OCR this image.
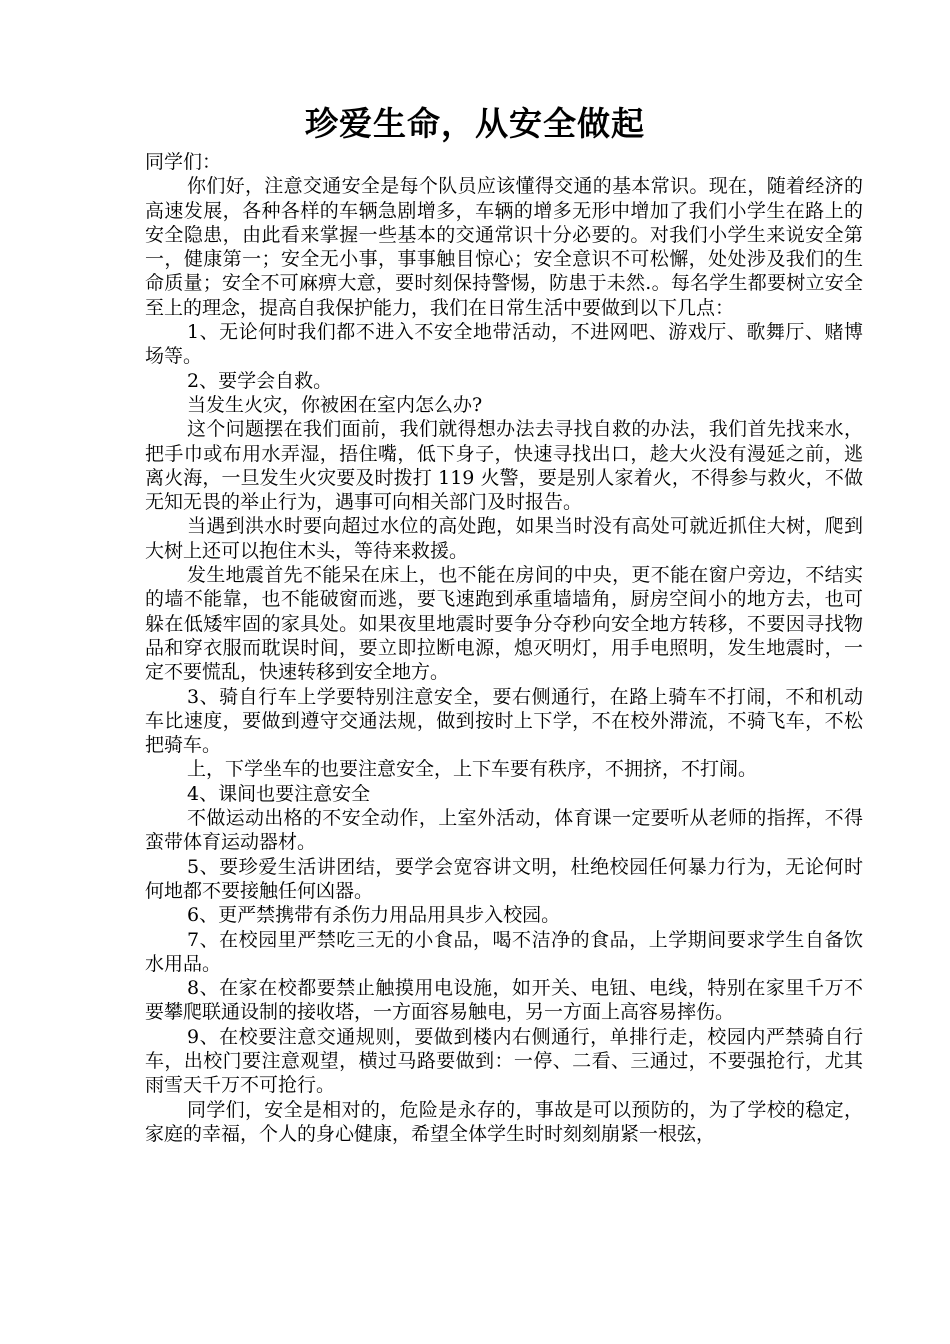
珍爱生命，从安全做起

同学们：

你们好，注意交通安全是每个队员应该懂得交通的基本常识。现在，随着经济的高速发展，各种各样的车辆急剧增多，车辆的增多无形中增加了我们小学生在路上的安全隐患，由此看来掌握一些基本的交通常识十分必要的。对我们小学生来说安全第一，健康第一；安全无小事，事事触目惊心；安全意识不可松懈，处处涉及我们的生命质量；安全不可麻痹大意，要时刻保持警惕，防患于未然.。每名学生都要树立安全至上的理念，提高自我保护能力，我们在日常生活中要做到以下几点：

1、无论何时我们都不进入不安全地带活动，不进网吧、游戏厅、歌舞厅、赌博场等。

2、要学会自救。

当发生火灾，你被困在室内怎么办?

这个问题摆在我们面前，我们就得想办法去寻找自救的办法，我们首先找来水，把手巾或布用水弄湿，捂住嘴，低下身子，快速寻找出口，趁大火没有漫延之前，逃离火海，一旦发生火灾要及时拨打 119 火警，要是别人家着火，不得参与救火，不做无知无畏的举止行为，遇事可向相关部门及时报告。

当遇到洪水时要向超过水位的高处跑，如果当时没有高处可就近抓住大树，爬到大树上还可以抱住木头，等待来救援。

发生地震首先不能呆在床上，也不能在房间的中央，更不能在窗户旁边，不结实的墙不能靠，也不能破窗而逃，要飞速跑到承重墙墙角，厨房空间小的地方去，也可躲在低矮牢固的家具处。如果夜里地震时要争分夺秒向安全地方转移，不要因寻找物品和穿衣服而耽误时间，要立即拉断电源，熄灭明灯，用手电照明，发生地震时，一定不要慌乱，快速转移到安全地方。

3、骑自行车上学要特别注意安全，要右侧通行，在路上骑车不打闹，不和机动车比速度，要做到遵守交通法规，做到按时上下学，不在校外滞流，不骑飞车，不松把骑车。

上，下学坐车的也要注意安全，上下车要有秩序，不拥挤，不打闹。

4、课间也要注意安全

不做运动出格的不安全动作，上室外活动，体育课一定要听从老师的指挥，不得蛮带体育运动器材。

5、要珍爱生活讲团结，要学会宽容讲文明，杜绝校园任何暴力行为，无论何时何地都不要接触任何凶器。

6、更严禁携带有杀伤力用品用具步入校园。

7、在校园里严禁吃三无的小食品，喝不洁净的食品，上学期间要求学生自备饮水用品。

8、在家在校都要禁止触摸用电设施，如开关、电钮、电线，特别在家里千万不要攀爬联通设制的接收塔，一方面容易触电，另一方面上高容易摔伤。

9、在校要注意交通规则，要做到楼内右侧通行，单排行走，校园内严禁骑自行车，出校门要注意观望，横过马路要做到：一停、二看、三通过，不要强抢行，尤其雨雪天千万不可抢行。

同学们，安全是相对的，危险是永存的，事故是可以预防的，为了学校的稳定，家庭的幸福，个人的身心健康，希望全体学生时时刻刻崩紧一根弦，
